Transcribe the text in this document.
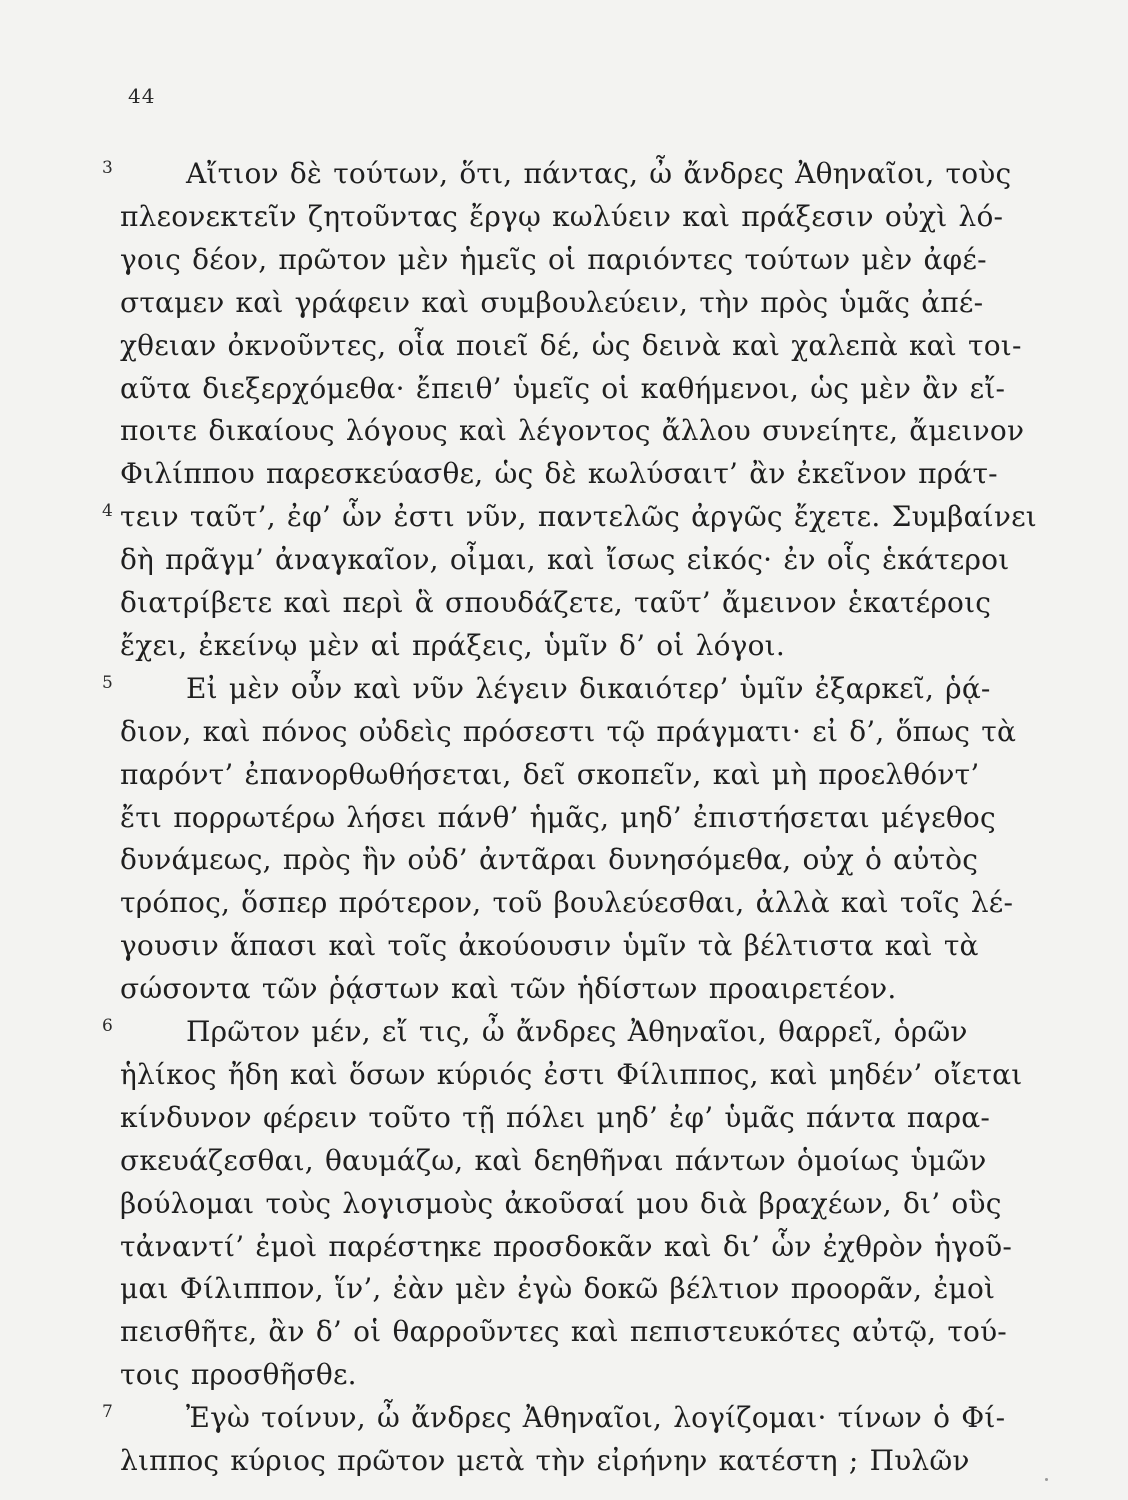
44
3
4
5
6
7
Αἴτιον δὲ τούτων, ὅτι, πάντας, ὦ ἄνδρες Ἀθηναῖοι, τοὺς
πλεονεκτεῖν ζητοῦντας ἔργῳ κωλύειν καὶ πράξεσιν οὐχὶ λό-
γοις δέον, πρῶτον μὲν ἡμεῖς οἱ παριόντες τούτων μὲν ἀφέ-
σταμεν καὶ γράφειν καὶ συμβουλεύειν, τὴν πρὸς ὑμᾶς ἀπέ-
χθειαν ὀκνοῦντες, οἷα ποιεῖ δέ, ὡς δεινὰ καὶ χαλεπὰ καὶ τοι-
αῦτα διεξερχόμεθα· ἔπειθ’ ὑμεῖς οἱ καθήμενοι, ὡς μὲν ἂν εἴ-
ποιτε δικαίους λόγους καὶ λέγοντος ἄλλου συνείητε, ἄμεινον
Φιλίππου παρεσκεύασθε, ὡς δὲ κωλύσαιτ’ ἂν ἐκεῖνον πράτ-
τειν ταῦτ’, ἐφ’ ὧν ἐστι νῦν, παντελῶς ἀργῶς ἔχετε. Συμβαίνει
δὴ πρᾶγμ’ ἀναγκαῖον, οἶμαι, καὶ ἴσως εἰκός· ἐν οἷς ἑκάτεροι
διατρίβετε καὶ περὶ ἃ σπουδάζετε, ταῦτ’ ἄμεινον ἑκατέροις
ἔχει, ἐκείνῳ μὲν αἱ πράξεις, ὑμῖν δ’ οἱ λόγοι.
Εἰ μὲν οὖν καὶ νῦν λέγειν δικαιότερ’ ὑμῖν ἐξαρκεῖ, ῥᾴ-
διον, καὶ πόνος οὐδεὶς πρόσεστι τῷ πράγματι· εἰ δ’, ὅπως τὰ
παρόντ’ ἐπανορθωθήσεται, δεῖ σκοπεῖν, καὶ μὴ προελθόντ’
ἔτι πορρωτέρω λήσει πάνθ’ ἡμᾶς, μηδ’ ἐπιστήσεται μέγεθος
δυνάμεως, πρὸς ἣν οὐδ’ ἀντᾶραι δυνησόμεθα, οὐχ ὁ αὐτὸς
τρόπος, ὅσπερ πρότερον, τοῦ βουλεύεσθαι, ἀλλὰ καὶ τοῖς λέ-
γουσιν ἅπασι καὶ τοῖς ἀκούουσιν ὑμῖν τὰ βέλτιστα καὶ τὰ
σώσοντα τῶν ῥᾴστων καὶ τῶν ἡδίστων προαιρετέον.
Πρῶτον μέν, εἴ τις, ὦ ἄνδρες Ἀθηναῖοι, θαρρεῖ, ὁρῶν
ἡλίκος ἤδη καὶ ὅσων κύριός ἐστι Φίλιππος, καὶ μηδέν’ οἴεται
κίνδυνον φέρειν τοῦτο τῇ πόλει μηδ’ ἐφ’ ὑμᾶς πάντα παρα-
σκευάζεσθαι, θαυμάζω, καὶ δεηθῆναι πάντων ὁμοίως ὑμῶν
βούλομαι τοὺς λογισμοὺς ἀκοῦσαί μου διὰ βραχέων, δι’ οὓς
τἀναντί’ ἐμοὶ παρέστηκε προσδοκᾶν καὶ δι’ ὧν ἐχθρὸν ἡγοῦ-
μαι Φίλιππον, ἵν’, ἐὰν μὲν ἐγὼ δοκῶ βέλτιον προορᾶν, ἐμοὶ
πεισθῆτε, ἂν δ’ οἱ θαρροῦντες καὶ πεπιστευκότες αὐτῷ, τού-
τοις προσθῆσθε.
Ἐγὼ τοίνυν, ὦ ἄνδρες Ἀθηναῖοι, λογίζομαι· τίνων ὁ Φί-
λιππος κύριος πρῶτον μετὰ τὴν εἰρήνην κατέστη ; Πυλῶν
